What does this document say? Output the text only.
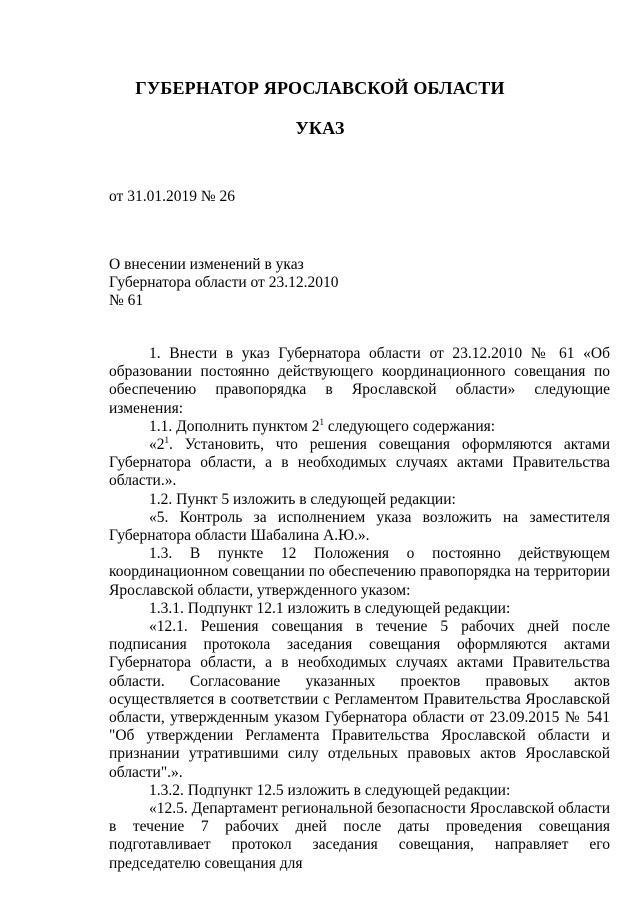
ГУБЕРНАТОР ЯРОСЛАВСКОЙ ОБЛАСТИ
УКАЗ
от 31.01.2019 № 26
О внесении изменений в указ
Губернатора области от 23.12.2010
№ 61

1. Внести в указ Губернатора области от 23.12.2010 № 61 «Об образовании постоянно действующего координационного совещания по обеспечению правопорядка в Ярославской области» следующие изменения:

1.1. Дополнить пунктом $2^1$ следующего содержания:

«$2^1$. Установить, что решения совещания оформляются актами Губернатора области, а в необходимых случаях актами Правительства области.».

1.2. Пункт 5 изложить в следующей редакции:

«5. Контроль за исполнением указа возложить на заместителя Губернатора области Шабалина А.Ю.».

1.3. В пункте 12 Положения о постоянно действующем координационном совещании по обеспечению правопорядка на территории Ярославской области, утвержденного указом:

1.3.1. Подпункт 12.1 изложить в следующей редакции:

«12.1. Решения совещания в течение 5 рабочих дней после подписания протокола заседания совещания оформляются актами Губернатора области, а в необходимых случаях актами Правительства области. Согласование указанных проектов правовых актов осуществляется в соответствии с Регламентом Правительства Ярославской области, утвержденным указом Губернатора области от 23.09.2015 № 541 "Об утверждении Регламента Правительства Ярославской области и признании утратившими силу отдельных правовых актов Ярославской области".».

1.3.2. Подпункт 12.5 изложить в следующей редакции:

«12.5. Департамент региональной безопасности Ярославской области в течение 7 рабочих дней после даты проведения совещания подготавливает протокол заседания совещания, направляет его председателю совещания для
